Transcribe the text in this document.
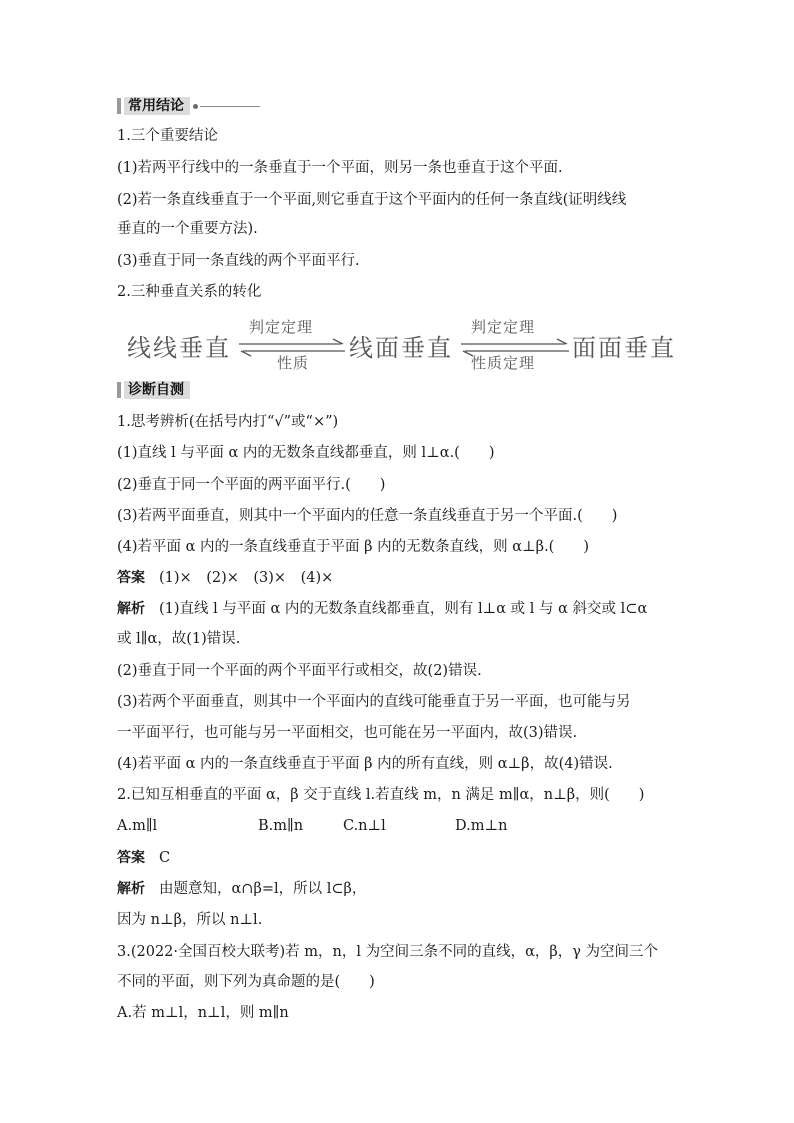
常用结论
1.三个重要结论
(1)若两平行线中的一条垂直于一个平面，则另一条也垂直于这个平面.
(2)若一条直线垂直于一个平面,则它垂直于这个平面内的任何一条直线(证明线线
垂直的一个重要方法).
(3)垂直于同一条直线的两个平面平行.
2.三种垂直关系的转化
线线垂直
判定定理
性质
线面垂直
判定定理
性质定理
面面垂直
诊断自测
1.思考辨析(在括号内打“√”或“×”)
(1)直线 l 与平面 α 内的无数条直线都垂直，则 l⊥α.(　　)
(2)垂直于同一个平面的两平面平行.(　　)
(3)若两平面垂直，则其中一个平面内的任意一条直线垂直于另一个平面.(　　)
(4)若平面 α 内的一条直线垂直于平面 β 内的无数条直线，则 α⊥β.(　　)
答案 (1)×　(2)×　(3)×　(4)×
解析 (1)直线 l 与平面 α 内的无数条直线都垂直，则有 l⊥α 或 l 与 α 斜交或 l⊂α
或 l∥α，故(1)错误.
(2)垂直于同一个平面的两个平面平行或相交，故(2)错误.
(3)若两个平面垂直，则其中一个平面内的直线可能垂直于另一平面，也可能与另
一平面平行，也可能与另一平面相交，也可能在另一平面内，故(3)错误.
(4)若平面 α 内的一条直线垂直于平面 β 内的所有直线，则 α⊥β，故(4)错误.
2.已知互相垂直的平面 α，β 交于直线 l.若直线 m，n 满足 m∥α，n⊥β，则(　　)
A.m∥l	B.m∥n	C.n⊥l	D.m⊥n
答案 C
解析 由题意知，α∩β=l，所以 l⊂β，
因为 n⊥β，所以 n⊥l.
3.(2022·全国百校大联考)若 m，n，l 为空间三条不同的直线，α，β，γ 为空间三个
不同的平面，则下列为真命题的是(　　)
A.若 m⊥l，n⊥l，则 m∥n
